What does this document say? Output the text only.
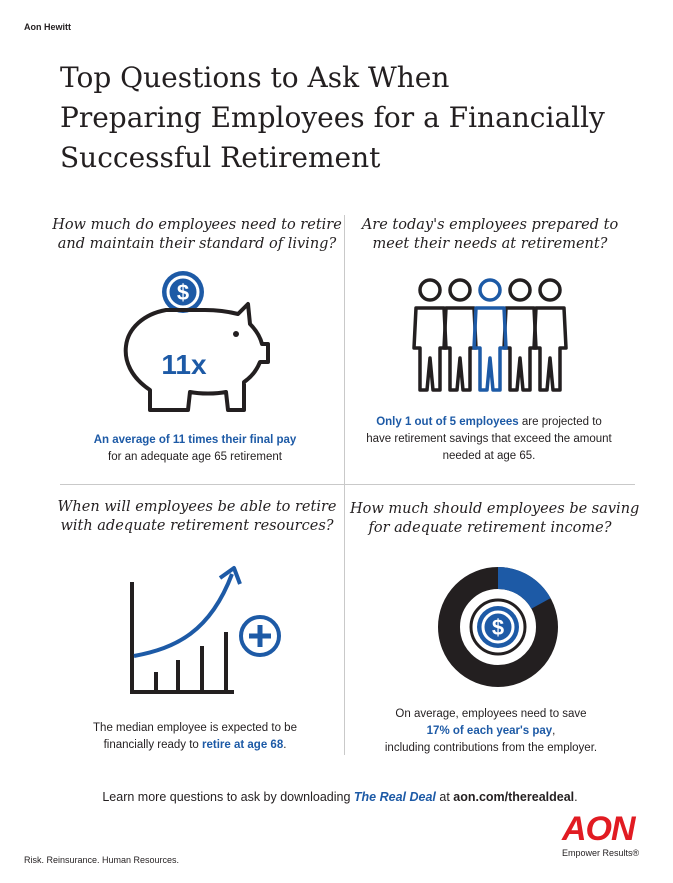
Aon Hewitt
Top Questions to Ask When
Preparing Employees for a Financially
Successful Retirement
How much do employees need to retire
and maintain their standard of living?
$
11x
An average of 11 times their final pay
for an adequate age 65 retirement
Are today's employees prepared to
meet their needs at retirement?
Only 1 out of 5 employees are projected to
have retirement savings that exceed the amount
needed at age 65.
When will employees be able to retire
with adequate retirement resources?
The median employee is expected to be
financially ready to retire at age 68.
How much should employees be saving
for adequate retirement income?
$
On average, employees need to save
17% of each year's pay,
including contributions from the employer.
Learn more questions to ask by downloading The Real Deal at aon.com/therealdeal.
Risk. Reinsurance. Human Resources.
AON
Empower Results®
